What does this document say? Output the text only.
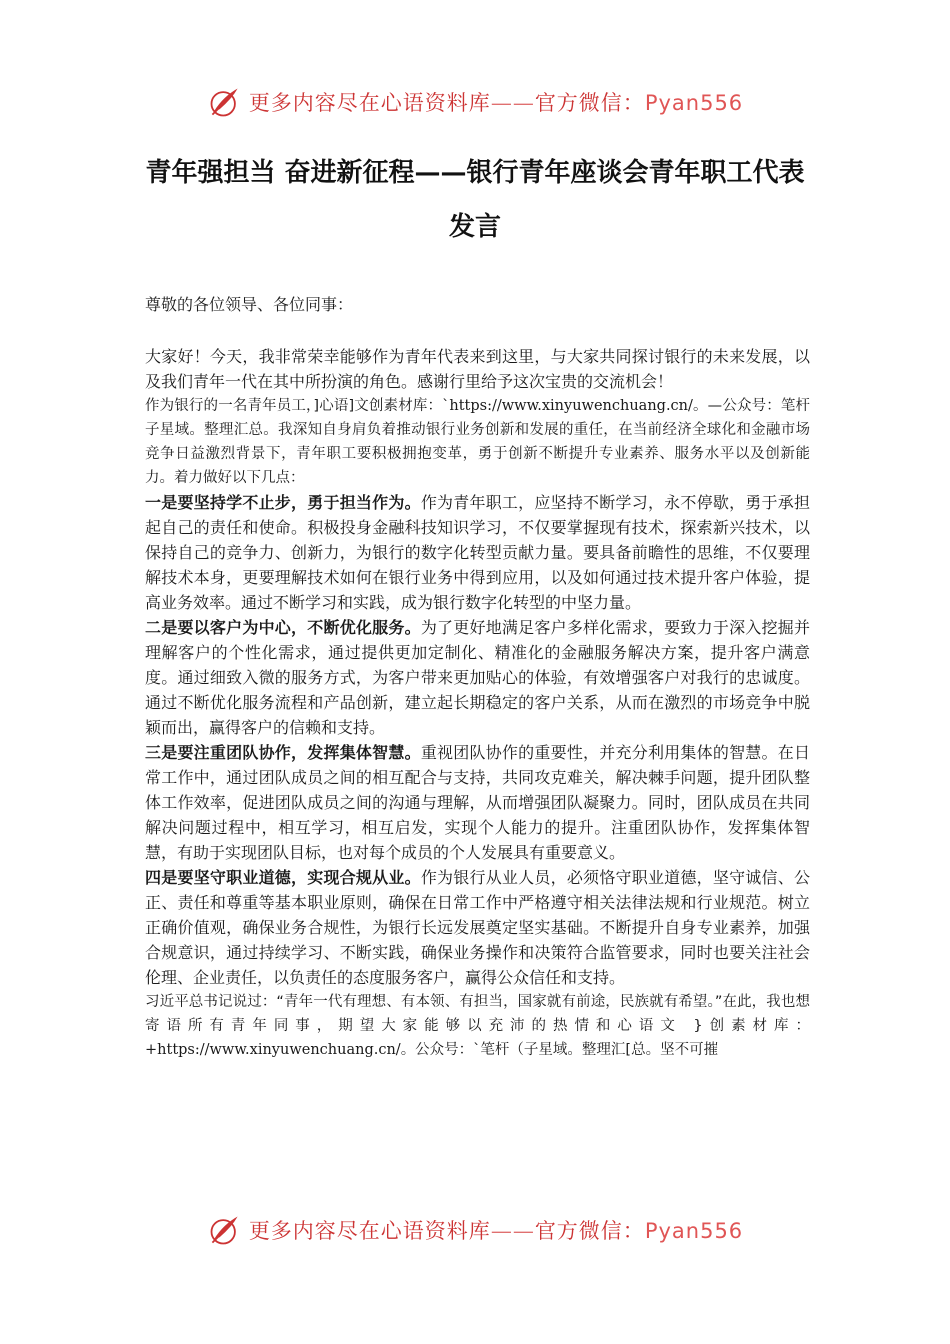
更多内容尽在心语资料库——官方微信：Pyan556
青年强担当 奋进新征程——银行青年座谈会青年职工代表发言

尊敬的各位领导、各位同事：

大家好！今天，我非常荣幸能够作为青年代表来到这里，与大家共同探讨银行的未来发展，以及我们青年一代在其中所扮演的角色。感谢行里给予这次宝贵的交流机会！

作为银行的一名青年员工，]心语]文创素材库：`https://www.xinyuwenchuang.cn/。—公众号：笔杆子星域。整理汇总。我深知自身肩负着推动银行业务创新和发展的重任，在当前经济全球化和金融市场竞争日益激烈背景下，青年职工要积极拥抱变革，勇于创新不断提升专业素养、服务水平以及创新能力。着力做好以下几点：

一是要坚持学不止步，勇于担当作为。作为青年职工，应坚持不断学习，永不停歇，勇于承担起自己的责任和使命。积极投身金融科技知识学习，不仅要掌握现有技术，探索新兴技术，以保持自己的竞争力、创新力，为银行的数字化转型贡献力量。要具备前瞻性的思维，不仅要理解技术本身，更要理解技术如何在银行业务中得到应用，以及如何通过技术提升客户体验，提高业务效率。通过不断学习和实践，成为银行数字化转型的中坚力量。

二是要以客户为中心，不断优化服务。为了更好地满足客户多样化需求，要致力于深入挖掘并理解客户的个性化需求，通过提供更加定制化、精准化的金融服务解决方案，提升客户满意度。通过细致入微的服务方式，为客户带来更加贴心的体验，有效增强客户对我行的忠诚度。通过不断优化服务流程和产品创新，建立起长期稳定的客户关系，从而在激烈的市场竞争中脱颖而出，赢得客户的信赖和支持。

三是要注重团队协作，发挥集体智慧。重视团队协作的重要性，并充分利用集体的智慧。在日常工作中，通过团队成员之间的相互配合与支持，共同攻克难关，解决棘手问题，提升团队整体工作效率，促进团队成员之间的沟通与理解，从而增强团队凝聚力。同时，团队成员在共同解决问题过程中，相互学习，相互启发，实现个人能力的提升。注重团队协作，发挥集体智慧，有助于实现团队目标，也对每个成员的个人发展具有重要意义。

四是要坚守职业道德，实现合规从业。作为银行从业人员，必须恪守职业道德，坚守诚信、公正、责任和尊重等基本职业原则，确保在日常工作中严格遵守相关法律法规和行业规范。树立正确价值观，确保业务合规性，为银行长远发展奠定坚实基础。不断提升自身专业素养，加强合规意识，通过持续学习、不断实践，确保业务操作和决策符合监管要求，同时也要关注社会伦理、企业责任，以负责任的态度服务客户，赢得公众信任和支持。

习近平总书记说过：“青年一代有理想、有本领、有担当，国家就有前途，民族就有希望。”在此，我也想寄语所有青年同事，期望大家能够以充沛的热情和心语文 }创素材库：+https://www.xinyuwenchuang.cn/。公众号：`笔杆（子星域。整理汇[总。坚不可摧

更多内容尽在心语资料库——官方微信：Pyan556
